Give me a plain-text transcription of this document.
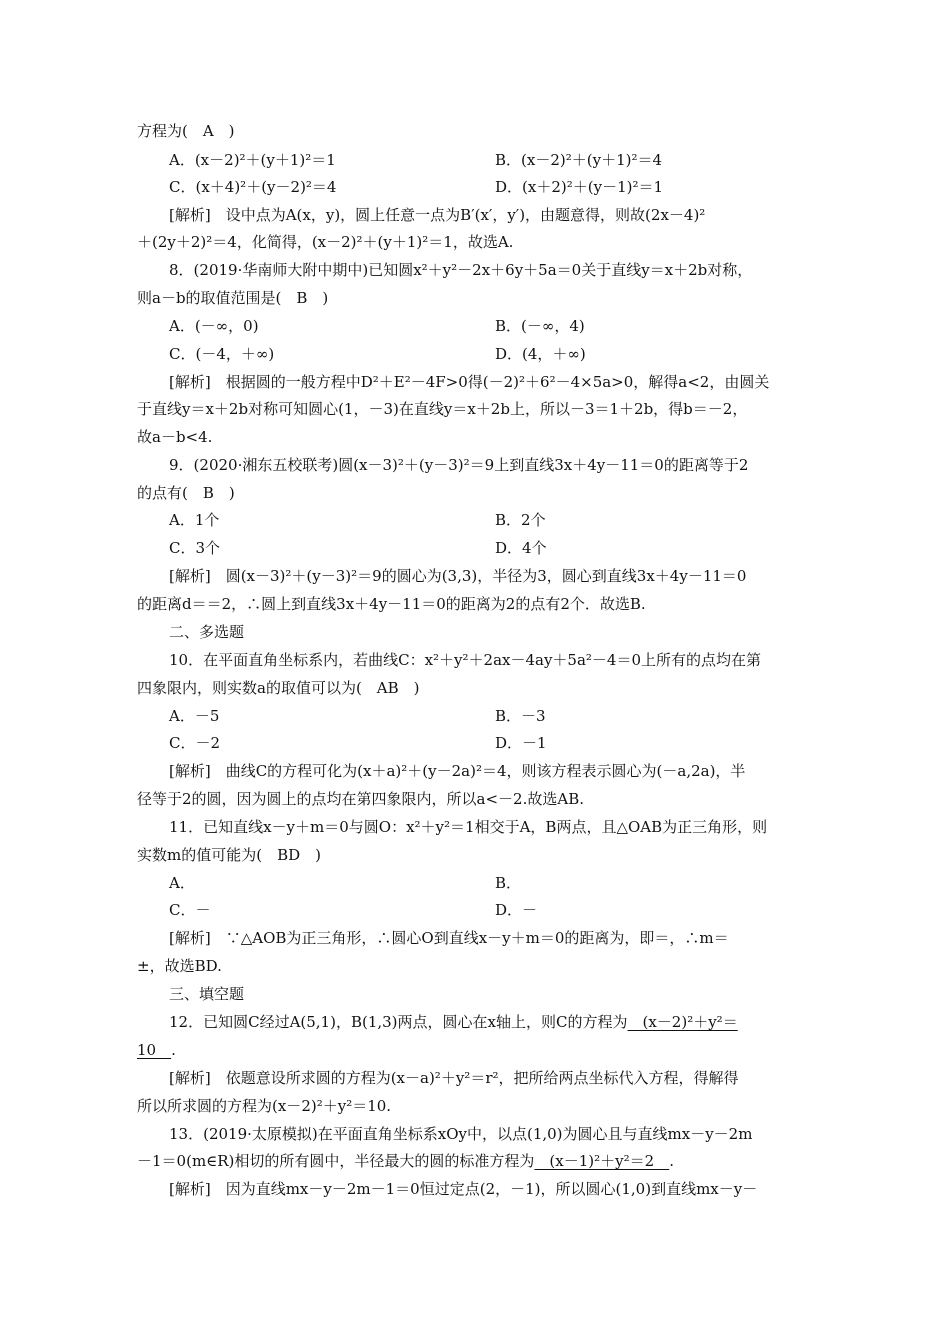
方程为(　A　)
A．(x－2)²＋(y＋1)²＝1	B．(x－2)²＋(y＋1)²＝4
C．(x＋4)²＋(y－2)²＝4	D．(x＋2)²＋(y－1)²＝1
[解析]　设中点为A(x，y)，圆上任意一点为B′(x′，y′)，由题意得，则故(2x－4)²
＋(2y＋2)²＝4，化简得，(x－2)²＋(y＋1)²＝1，故选A.
8．(2019·华南师大附中期中)已知圆x²＋y²－2x＋6y＋5a＝0关于直线y＝x＋2b对称，
则a－b的取值范围是(　B　)
A．(－∞，0)	B．(－∞，4)
C．(－4，＋∞)	D．(4，＋∞)
[解析]　根据圆的一般方程中D²＋E²－4F>0得(－2)²＋6²－4×5a>0，解得a<2，由圆关
于直线y＝x＋2b对称可知圆心(1，－3)在直线y＝x＋2b上，所以－3＝1＋2b，得b＝－2，
故a－b<4.
9．(2020·湘东五校联考)圆(x－3)²＋(y－3)²＝9上到直线3x＋4y－11＝0的距离等于2
的点有(　B　)
A．1个	B．2个
C．3个	D．4个
[解析]　圆(x－3)²＋(y－3)²＝9的圆心为(3,3)，半径为3，圆心到直线3x＋4y－11＝0
的距离d＝＝2，∴圆上到直线3x＋4y－11＝0的距离为2的点有2个．故选B.
二、多选题
10．在平面直角坐标系内，若曲线C：x²＋y²＋2ax－4ay＋5a²－4＝0上所有的点均在第
四象限内，则实数a的取值可以为(　AB　)
A．－5	B．－3
C．－2	D．－1
[解析]　曲线C的方程可化为(x＋a)²＋(y－2a)²＝4，则该方程表示圆心为(－a,2a)，半
径等于2的圆，因为圆上的点均在第四象限内，所以a<－2.故选AB.
11．已知直线x－y＋m＝0与圆O：x²＋y²＝1相交于A，B两点，且△OAB为正三角形，则
实数m的值可能为(　BD　)
A．	B．
C．－	D．－
[解析]　∵△AOB为正三角形，∴圆心O到直线x－y＋m＝0的距离为，即＝，∴m＝
±，故选BD.
三、填空题
12．已知圆C经过A(5,1)，B(1,3)两点，圆心在x轴上，则C的方程为　(x－2)²＋y²＝
10　.
[解析]　依题意设所求圆的方程为(x－a)²＋y²＝r²，把所给两点坐标代入方程，得解得
所以所求圆的方程为(x－2)²＋y²＝10.
13．(2019·太原模拟)在平面直角坐标系xOy中，以点(1,0)为圆心且与直线mx－y－2m
－1＝0(m∈R)相切的所有圆中，半径最大的圆的标准方程为　(x－1)²＋y²＝2　.
[解析]　因为直线mx－y－2m－1＝0恒过定点(2，－1)，所以圆心(1,0)到直线mx－y－
